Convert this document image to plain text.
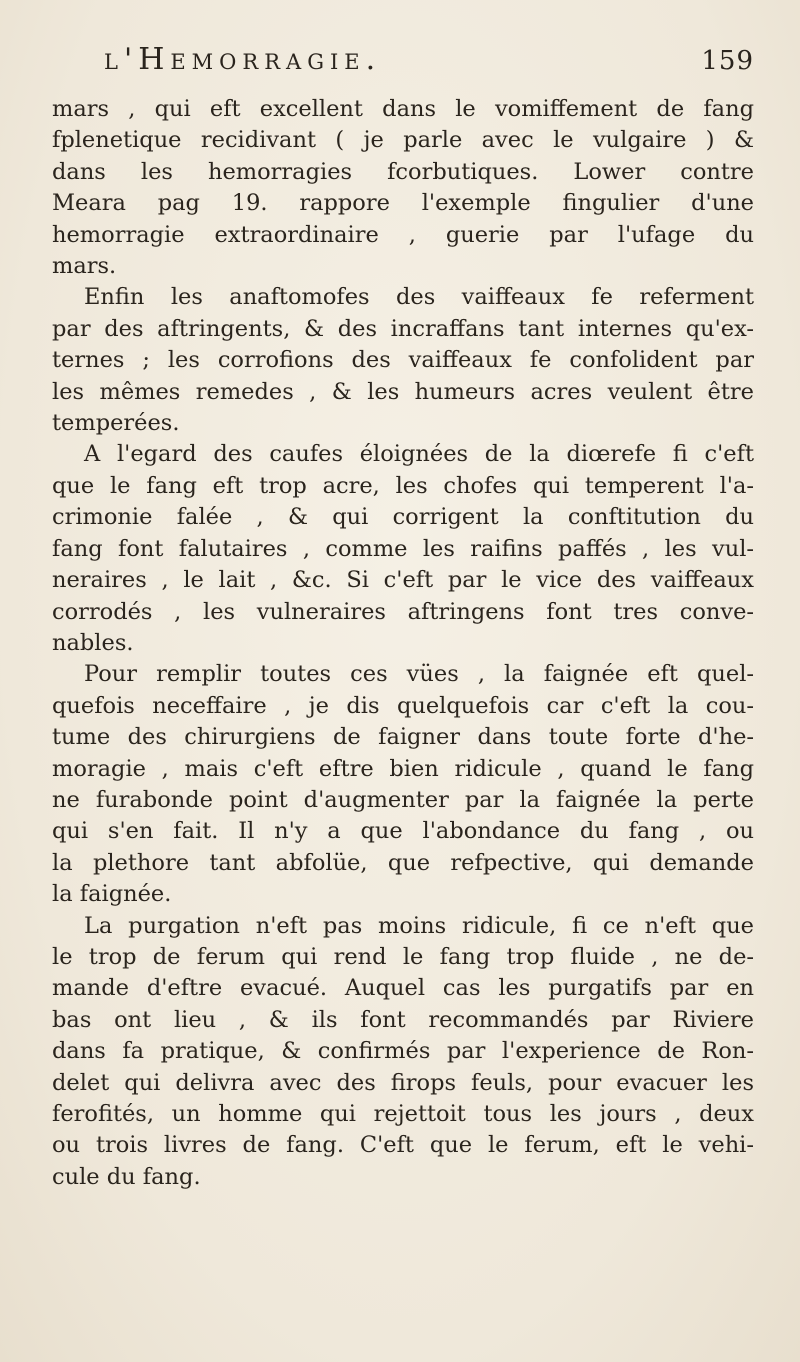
l'Hemorragie.	159

mars , qui eft excellent dans le vomiffement de fang
fplenetique recidivant ( je parle avec le vulgaire ) &
dans les hemorragies fcorbutiques. Lower contre
Meara pag 19. rappore l'exemple fingulier d'une
hemorragie extraordinaire , guerie par l'ufage du
mars.

Enfin les anaftomofes des vaiffeaux fe referment
par des aftringents, & des incraffans tant internes qu'ex-
ternes ; les corrofions des vaiffeaux fe confolident par
les mêmes remedes , & les humeurs acres veulent être
temperées.

A l'egard des caufes éloignées de la diœrefe fi c'eft
que le fang eft trop acre, les chofes qui temperent l'a-
crimonie falée , & qui corrigent la conftitution du
fang font falutaires , comme les raifins paffés , les vul-
neraires , le lait , &c. Si c'eft par le vice des vaiffeaux
corrodés , les vulneraires aftringens font tres conve-
nables.

Pour remplir toutes ces vües , la faignée eft quel-
quefois neceffaire , je dis quelquefois car c'eft la cou-
tume des chirurgiens de faigner dans toute forte d'he-
moragie , mais c'eft eftre bien ridicule , quand le fang
ne furabonde point d'augmenter par la faignée la perte
qui s'en fait. Il n'y a que l'abondance du fang , ou
la plethore tant abfolüe, que refpective, qui demande
la faignée.

La purgation n'eft pas moins ridicule, fi ce n'eft que
le trop de ferum qui rend le fang trop fluide , ne de-
mande d'eftre evacué. Auquel cas les purgatifs par en
bas ont lieu , & ils font recommandés par Riviere
dans fa pratique, & confirmés par l'experience de Ron-
delet qui delivra avec des firops feuls, pour evacuer les
ferofités, un homme qui rejettoit tous les jours , deux
ou trois livres de fang. C'eft que le ferum, eft le vehi-
cule du fang.
